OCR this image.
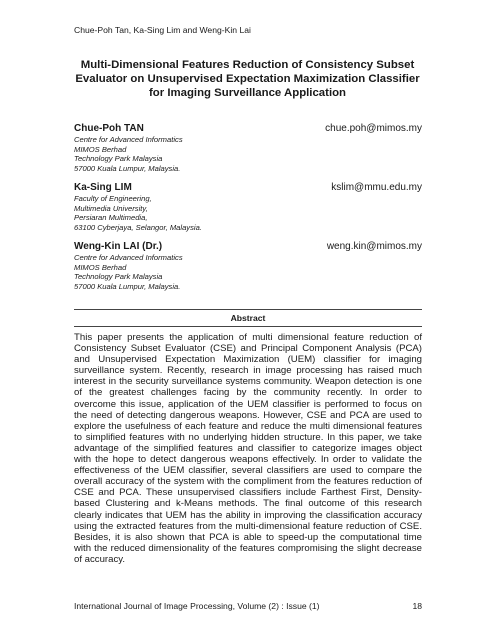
Chue-Poh Tan, Ka-Sing Lim and Weng-Kin Lai
Multi-Dimensional Features Reduction of Consistency Subset
Evaluator on Unsupervised Expectation Maximization Classifier
for Imaging Surveillance Application
Chue-Poh TAN	chue.poh@mimos.my
Centre for Advanced Informatics
MIMOS Berhad
Technology Park Malaysia
57000 Kuala Lumpur, Malaysia.
Ka-Sing LIM	kslim@mmu.edu.my
Faculty of Engineering,
Multimedia University,
Persiaran Multimedia,
63100 Cyberjaya, Selangor, Malaysia.
Weng-Kin LAI (Dr.)	weng.kin@mimos.my
Centre for Advanced Informatics
MIMOS Berhad
Technology Park Malaysia
57000 Kuala Lumpur, Malaysia.
Abstract
This paper presents the application of multi dimensional feature reduction of
Consistency Subset Evaluator (CSE) and Principal Component Analysis (PCA)
and Unsupervised Expectation Maximization (UEM) classifier for imaging
surveillance system. Recently, research in image processing has raised much
interest in the security surveillance systems community. Weapon detection is one
of the greatest challenges facing by the community recently. In order to
overcome this issue, application of the UEM classifier is performed to focus on
the need of detecting dangerous weapons. However, CSE and PCA are used to
explore the usefulness of each feature and reduce the multi dimensional features
to simplified features with no underlying hidden structure. In this paper, we take
advantage of the simplified features and classifier to categorize images object
with the hope to detect dangerous weapons effectively. In order to validate the
effectiveness of the UEM classifier, several classifiers are used to compare the
overall accuracy of the system with the compliment from the features reduction of
CSE and PCA. These unsupervised classifiers include Farthest First, Density-
based Clustering and k-Means methods. The final outcome of this research
clearly indicates that UEM has the ability in improving the classification accuracy
using the extracted features from the multi-dimensional feature reduction of CSE.
Besides, it is also shown that PCA is able to speed-up the computational time
with the reduced dimensionality of the features compromising the slight decrease
of accuracy.
International Journal of Image Processing, Volume (2) : Issue (1)	18
